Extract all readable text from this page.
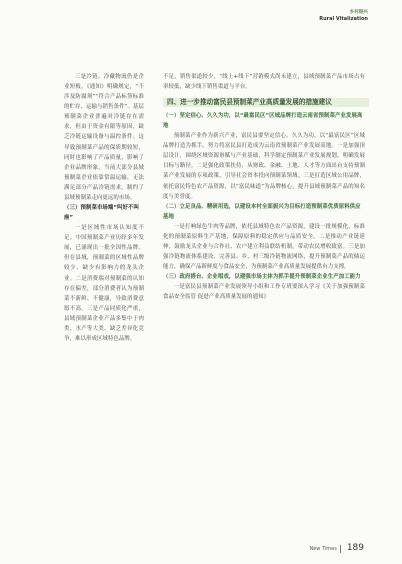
乡村振兴
Rural Vitalization

三是冷链、冷藏物流仍是企业短板。《通知》明确规定，“不涉及防腐剂”“符合产品标签标准的贮存、运输与销售条件”。基层预制菜企业普遍对冷链存在需求，但由于资金有限等原因，缺乏冷链运输设备与温控条件。这导致预制菜产品的保质期较短，同时也影响了产品质量，影响了企业品牌形象。当前大部分县域预制菜企业依靠常温运输，无法满足部分产品冷链需求，制约了县域预制菜走向更远的市场。

（三）预制菜市场端“叫好不叫座”

一是区域性市场认知度不足。中国预制菜产业历经多年发展，已涌现出一批全国性品牌。但在县域，预制菜的区域性品牌较少，缺少有影响力的龙头企业。二是消费端对预制菜的认知存在偏差，部分消费者认为预制菜不新鲜、不健康，导致消费意愿不高。三是产品同质化严重，县域预制菜企业产品多集中于肉类、水产等大类，缺乏差异化竞争，难以形成区域特色品牌。

不足，销售渠道较少，“线上+线下”营销模式尚未建立，县域预制菜产品市场占有率较低，缺少线下销售渠道与平台。

四、进一步推动富民县预制菜产业高质量发展的措施建议
（一）坚定信心、久久为功，以“最富民区”区域品牌打造云南省预制菜产业发展高地

预制菜产业作为新兴产业，富民县要坚定信心，久久为功，以“最富民区”区域品牌打造为抓手，努力将富民县打造成为云南省预制菜产业发展高地。一是加强顶层设计，围绕区域资源禀赋与产业基础，科学制定预制菜产业发展规划，明确发展目标与路径。二是强化政策扶持，从财政、金融、土地、人才等方面出台支持预制菜产业发展的专项政策，引导社会资本投向预制菜领域。三是打造区域公用品牌，依托富民特色农产品资源，以“富民味道”为品牌核心，提升县域预制菜产品的知名度与美誉度。

（二）立足良品、精研用选，以建设本村全面振兴为目标打造预制菜优质原料供应基地

一是打响绿色牛肉等品牌，依托县域特色农产品资源，建设一批规模化、标准化的预制菜原料生产基地，保障原料的稳定供应与品质安全。二是推动产业链延伸，鼓励龙头企业与合作社、农户建立利益联结机制，带动农民增收致富。三是加强冷链物流体系建设，完善县、乡、村三级冷链物流网络，提升预制菜产品的储运能力，确保产品新鲜度与食品安全，为预制菜产业高质量发展提供有力支撑。

（三）政府搭台、企业唱戏，以建强市场主体为抓手提升预制菜企业生产加工能力

一是富民县预制菜产业发展领导小组和工作专班要深入学习《关于加强预制菜食品安全监管 促进产业高质量发展的通知》

New Times 189
